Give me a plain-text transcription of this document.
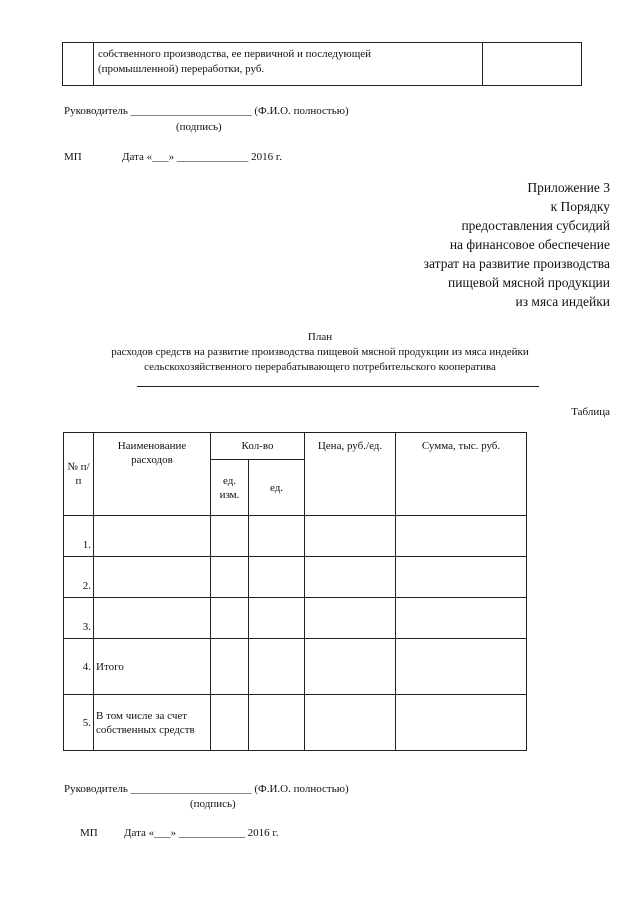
собственного производства, ее первичной и последующей
(промышленной) переработки, руб.

Руководитель ______________________ (Ф.И.О. полностью)
(подпись)
МП	Дата «___» _____________ 2016 г.
Приложение 3
к Порядку
предоставления субсидий
на финансовое обеспечение
затрат на развитие производства
пищевой мясной продукции
из мяса индейки
План
расходов средств на развитие производства пищевой мясной продукции из мяса индейки
сельскохозяйственного перерабатывающего потребительского кооператива
Таблица
№ п/п	Наименование расходов	Кол-во		Цена, руб./ед.	Сумма, тыс. руб.
		ед. изм.	ед.		
1.					
2.					
3.					
4.	Итого				
5.	В том числе за счет собственных средств				
Руководитель ______________________ (Ф.И.О. полностью)
(подпись)
МП Дата «___» ____________ 2016 г.
